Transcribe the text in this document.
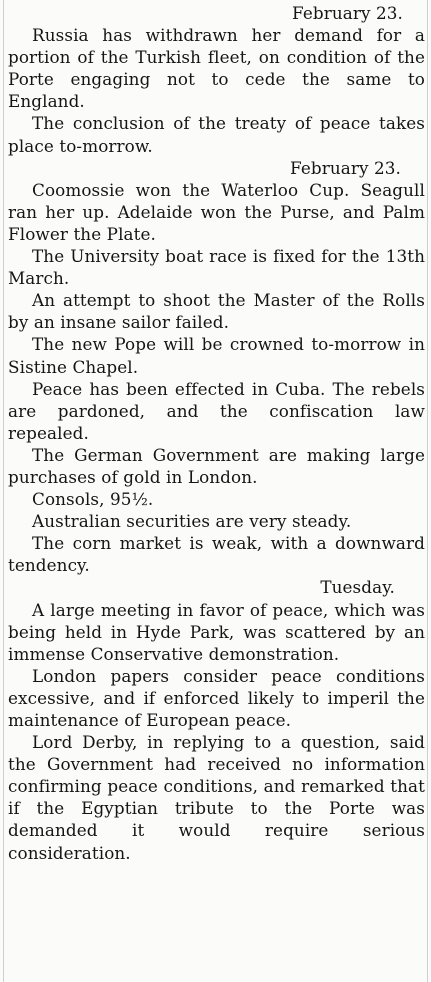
February 23.

Russia has withdrawn her demand for a portion of the Turkish fleet, on condition of the Porte engaging not to cede the same to England.

The conclusion of the treaty of peace takes place to-morrow.

February 23.

Coomossie won the Waterloo Cup. Seagull ran her up. Adelaide won the Purse, and Palm Flower the Plate.

The University boat race is fixed for the 13th March.

An attempt to shoot the Master of the Rolls by an insane sailor failed.

The new Pope will be crowned to-morrow in Sistine Chapel.

Peace has been effected in Cuba. The rebels are pardoned, and the confiscation law repealed.

The German Government are making large purchases of gold in London.

Consols, 95½.

Australian securities are very steady.

The corn market is weak, with a downward tendency.

Tuesday.

A large meeting in favor of peace, which was being held in Hyde Park, was scattered by an immense Conservative demonstration.

London papers consider peace conditions excessive, and if enforced likely to imperil the maintenance of European peace.

Lord Derby, in replying to a question, said the Government had received no information confirming peace conditions, and remarked that if the Egyptian tribute to the Porte was demanded it would require serious consideration.
